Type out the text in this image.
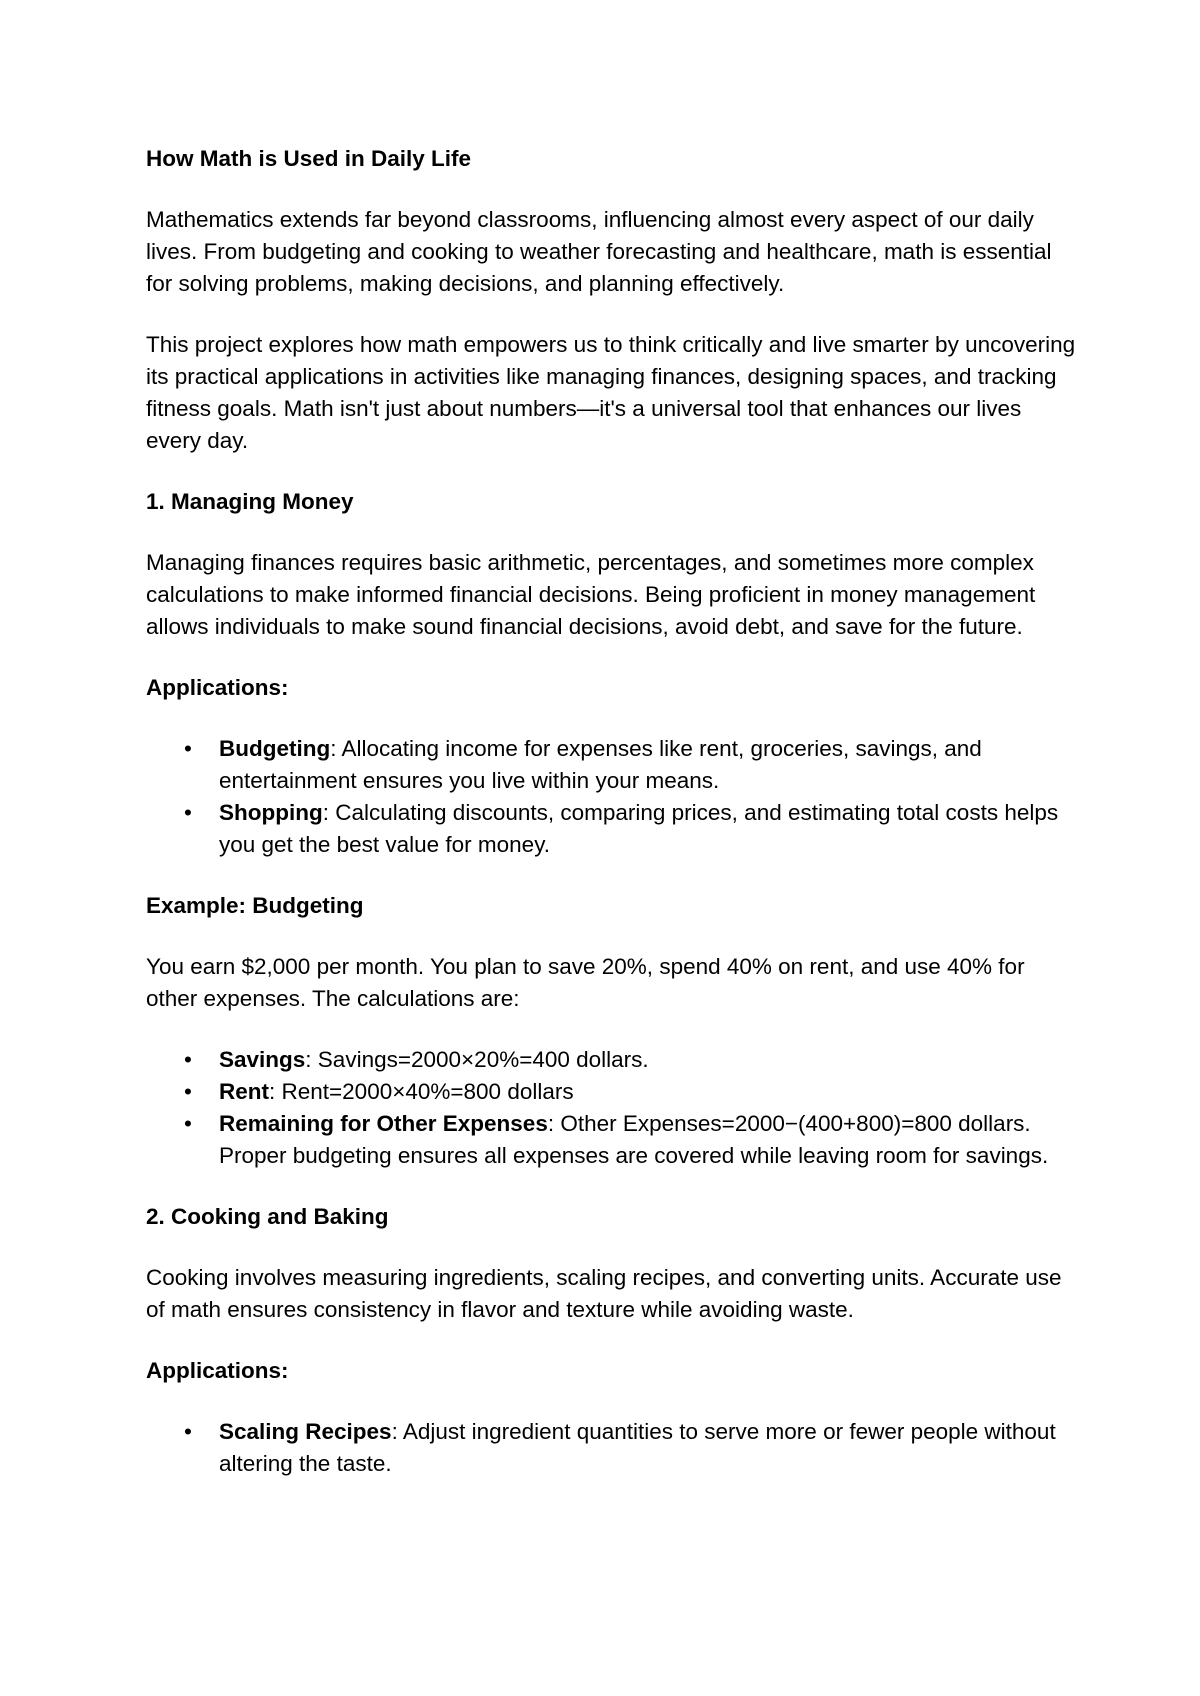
How Math is Used in Daily Life

Mathematics extends far beyond classrooms, influencing almost every aspect of our daily lives. From budgeting and cooking to weather forecasting and healthcare, math is essential for solving problems, making decisions, and planning effectively.

This project explores how math empowers us to think critically and live smarter by uncovering its practical applications in activities like managing finances, designing spaces, and tracking fitness goals. Math isn't just about numbers—it's a universal tool that enhances our lives every day.

1. Managing Money

Managing finances requires basic arithmetic, percentages, and sometimes more complex calculations to make informed financial decisions. Being proficient in money management allows individuals to make sound financial decisions, avoid debt, and save for the future.

Applications:

• Budgeting: Allocating income for expenses like rent, groceries, savings, and entertainment ensures you live within your means.
• Shopping: Calculating discounts, comparing prices, and estimating total costs helps you get the best value for money.

Example: Budgeting

You earn $2,000 per month. You plan to save 20%, spend 40% on rent, and use 40% for other expenses. The calculations are:

• Savings: Savings=2000×20%=400 dollars.
• Rent: Rent=2000×40%=800 dollars
• Remaining for Other Expenses: Other Expenses=2000−(400+800)=800 dollars. Proper budgeting ensures all expenses are covered while leaving room for savings.

2. Cooking and Baking

Cooking involves measuring ingredients, scaling recipes, and converting units. Accurate use of math ensures consistency in flavor and texture while avoiding waste.

Applications:

• Scaling Recipes: Adjust ingredient quantities to serve more or fewer people without altering the taste.
